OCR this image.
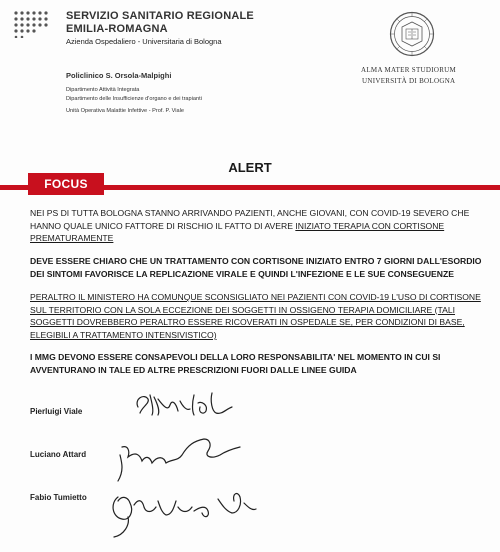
SERVIZIO SANITARIO REGIONALE
EMILIA-ROMAGNA
Azienda Ospedaliero - Universitaria di Bologna
Policlinico S. Orsola-Malpighi
Dipartimento Attività Integrata
Dipartimento delle Insufficienze d'organo e dei trapianti
Unità Operativa Malattie Infettive - Prof. P. Viale
ALMA MATER STUDIORUM
UNIVERSITÀ DI BOLOGNA
ALERT
FOCUS
NEI PS DI TUTTA BOLOGNA STANNO ARRIVANDO PAZIENTI, ANCHE GIOVANI, CON COVID-19 SEVERO CHE
HANNO QUALE UNICO FATTORE DI RISCHIO IL FATTO DI AVERE INIZIATO TERAPIA CON CORTISONE
PREMATURAMENTE
DEVE ESSERE CHIARO CHE UN TRATTAMENTO CON CORTISONE INIZIATO ENTRO 7 GIORNI DALL'ESORDIO
DEI SINTOMI FAVORISCE LA REPLICAZIONE VIRALE E QUINDI L'INFEZIONE E LE SUE CONSEGUENZE
PERALTRO IL MINISTERO HA COMUNQUE SCONSIGLIATO NEI PAZIENTI CON COVID-19 L'USO DI CORTISONE
SUL TERRITORIO CON LA SOLA ECCEZIONE DEI SOGGETTI IN OSSIGENO TERAPIA DOMICILIARE (TALI
SOGGETTI DOVREBBERO PERALTRO ESSERE RICOVERATI IN OSPEDALE SE, PER CONDIZIONI DI BASE,
ELEGIBILI A TRATTAMENTO INTENSIVISTICO)
I MMG DEVONO ESSERE CONSAPEVOLI DELLA LORO RESPONSABILITA' NEL MOMENTO IN CUI SI
AVVENTURANO IN TALE ED ALTRE PRESCRIZIONI FUORI DALLE LINEE GUIDA
Pierluigi Viale
Luciano Attard
Fabio Tumietto
